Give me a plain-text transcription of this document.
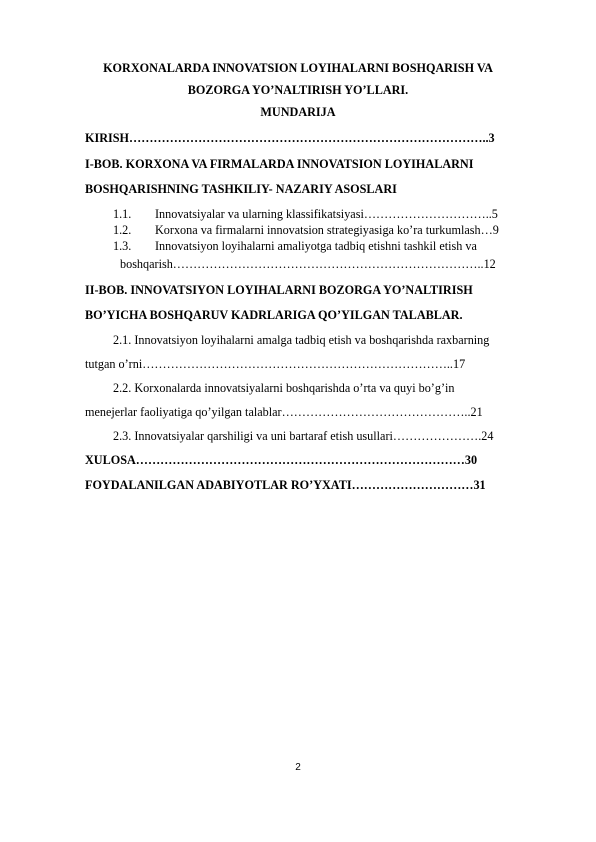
KORXONALARDA INNOVATSION LOYIHALARNI BOSHQARISH VA
BOZORGA YO’NALTIRISH YO’LLARI.
MUNDARIJA
KIRISH……………………………………………………………………………..3
I-BOB. KORXONA VA FIRMALARDA INNOVATSION LOYIHALARNI
BOSHQARISHNING TASHKILIY- NAZARIY ASOSLARI
1.1. Innovatsiyalar va ularning klassifikatsiyasi…………………………..5
1.2. Korxona va firmalarni innovatsion strategiyasiga ko’ra turkumlash…9
1.3. Innovatsiyon loyihalarni amaliyotga tadbiq etishni tashkil etish va
boshqarish…………………………………………………………………..12
II-BOB. INNOVATSIYON LOYIHALARNI BOZORGA YO’NALTIRISH
BO’YICHA BOSHQARUV KADRLARIGA QO’YILGAN TALABLAR.
2.1. Innovatsiyon loyihalarni amalga tadbiq etish va boshqarishda raxbarning
tutgan o’rni…………………………………………………………………..17
2.2. Korxonalarda innovatsiyalarni boshqarishda o’rta va quyi bo’g’in
menejerlar faoliyatiga qo’yilgan talablar………………………………………..21
2.3. Innovatsiyalar qarshiligi va uni bartaraf etish usullari………………….24
XULOSA………………………………………………………………………30
FOYDALANILGAN ADABIYOTLAR RO’YXATI…………………………31
2
